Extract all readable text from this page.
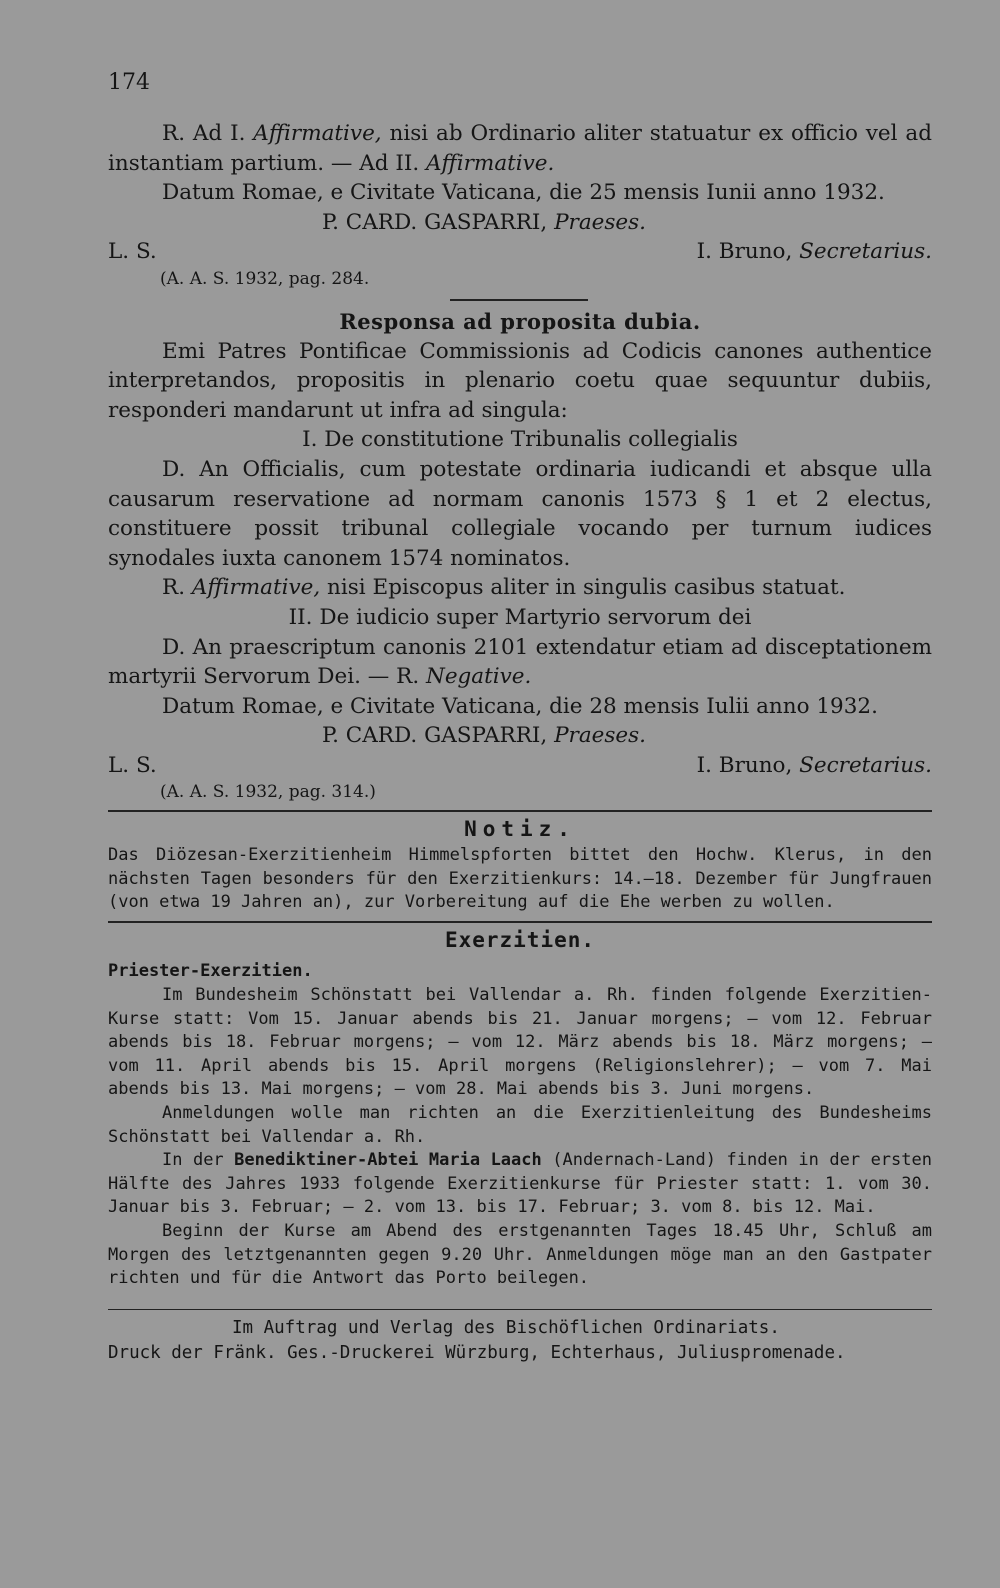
174

R. Ad I. Affirmative, nisi ab Ordinario aliter statuatur ex officio vel ad instantiam partium. — Ad II. Affirmative.

Datum Romae, e Civitate Vaticana, die 25 mensis Iunii anno 1932.

P. CARD. GASPARRI, Praeses.

L. S.	I. Bruno, Secretarius.
(A. A. S. 1932, pag. 284.
Responsa ad proposita dubia.

Emi Patres Pontificae Commissionis ad Codicis canones authentice interpretandos, propositis in plenario coetu quae sequuntur dubiis, responderi mandarunt ut infra ad singula:

I. De constitutione Tribunalis collegialis

D. An Officialis, cum potestate ordinaria iudicandi et absque ulla causarum reservatione ad normam canonis 1573 § 1 et 2 electus, constituere possit tribunal collegiale vocando per turnum iudices synodales iuxta canonem 1574 nominatos.

R. Affirmative, nisi Episcopus aliter in singulis casibus statuat.

II. De iudicio super Martyrio servorum dei

D. An praescriptum canonis 2101 extendatur etiam ad disceptationem martyrii Servorum Dei. — R. Negative.

Datum Romae, e Civitate Vaticana, die 28 mensis Iulii anno 1932.

P. CARD. GASPARRI, Praeses.

L. S.	I. Bruno, Secretarius.
(A. A. S. 1932, pag. 314.)
Notiz.

Das Diözesan-Exerzitienheim Himmelspforten bittet den Hochw. Klerus, in den nächsten Tagen besonders für den Exerzitienkurs: 14.—18. Dezember für Jungfrauen (von etwa 19 Jahren an), zur Vorbereitung auf die Ehe werben zu wollen.

Exerzitien.

Priester-Exerzitien.

Im Bundesheim Schönstatt bei Vallendar a. Rh. finden folgende Exerzitien-Kurse statt: Vom 15. Januar abends bis 21. Januar morgens; — vom 12. Februar abends bis 18. Februar morgens; — vom 12. März abends bis 18. März morgens; — vom 11. April abends bis 15. April morgens (Religionslehrer); — vom 7. Mai abends bis 13. Mai morgens; — vom 28. Mai abends bis 3. Juni morgens.

Anmeldungen wolle man richten an die Exerzitienleitung des Bundesheims Schönstatt bei Vallendar a. Rh.

In der Benediktiner-Abtei Maria Laach (Andernach-Land) finden in der ersten Hälfte des Jahres 1933 folgende Exerzitienkurse für Priester statt: 1. vom 30. Januar bis 3. Februar; — 2. vom 13. bis 17. Februar; 3. vom 8. bis 12. Mai.

Beginn der Kurse am Abend des erstgenannten Tages 18.45 Uhr, Schluß am Morgen des letztgenannten gegen 9.20 Uhr. Anmeldungen möge man an den Gastpater richten und für die Antwort das Porto beilegen.

Im Auftrag und Verlag des Bischöflichen Ordinariats.

Druck der Fränk. Ges.-Druckerei Würzburg, Echterhaus, Juliuspromenade.
